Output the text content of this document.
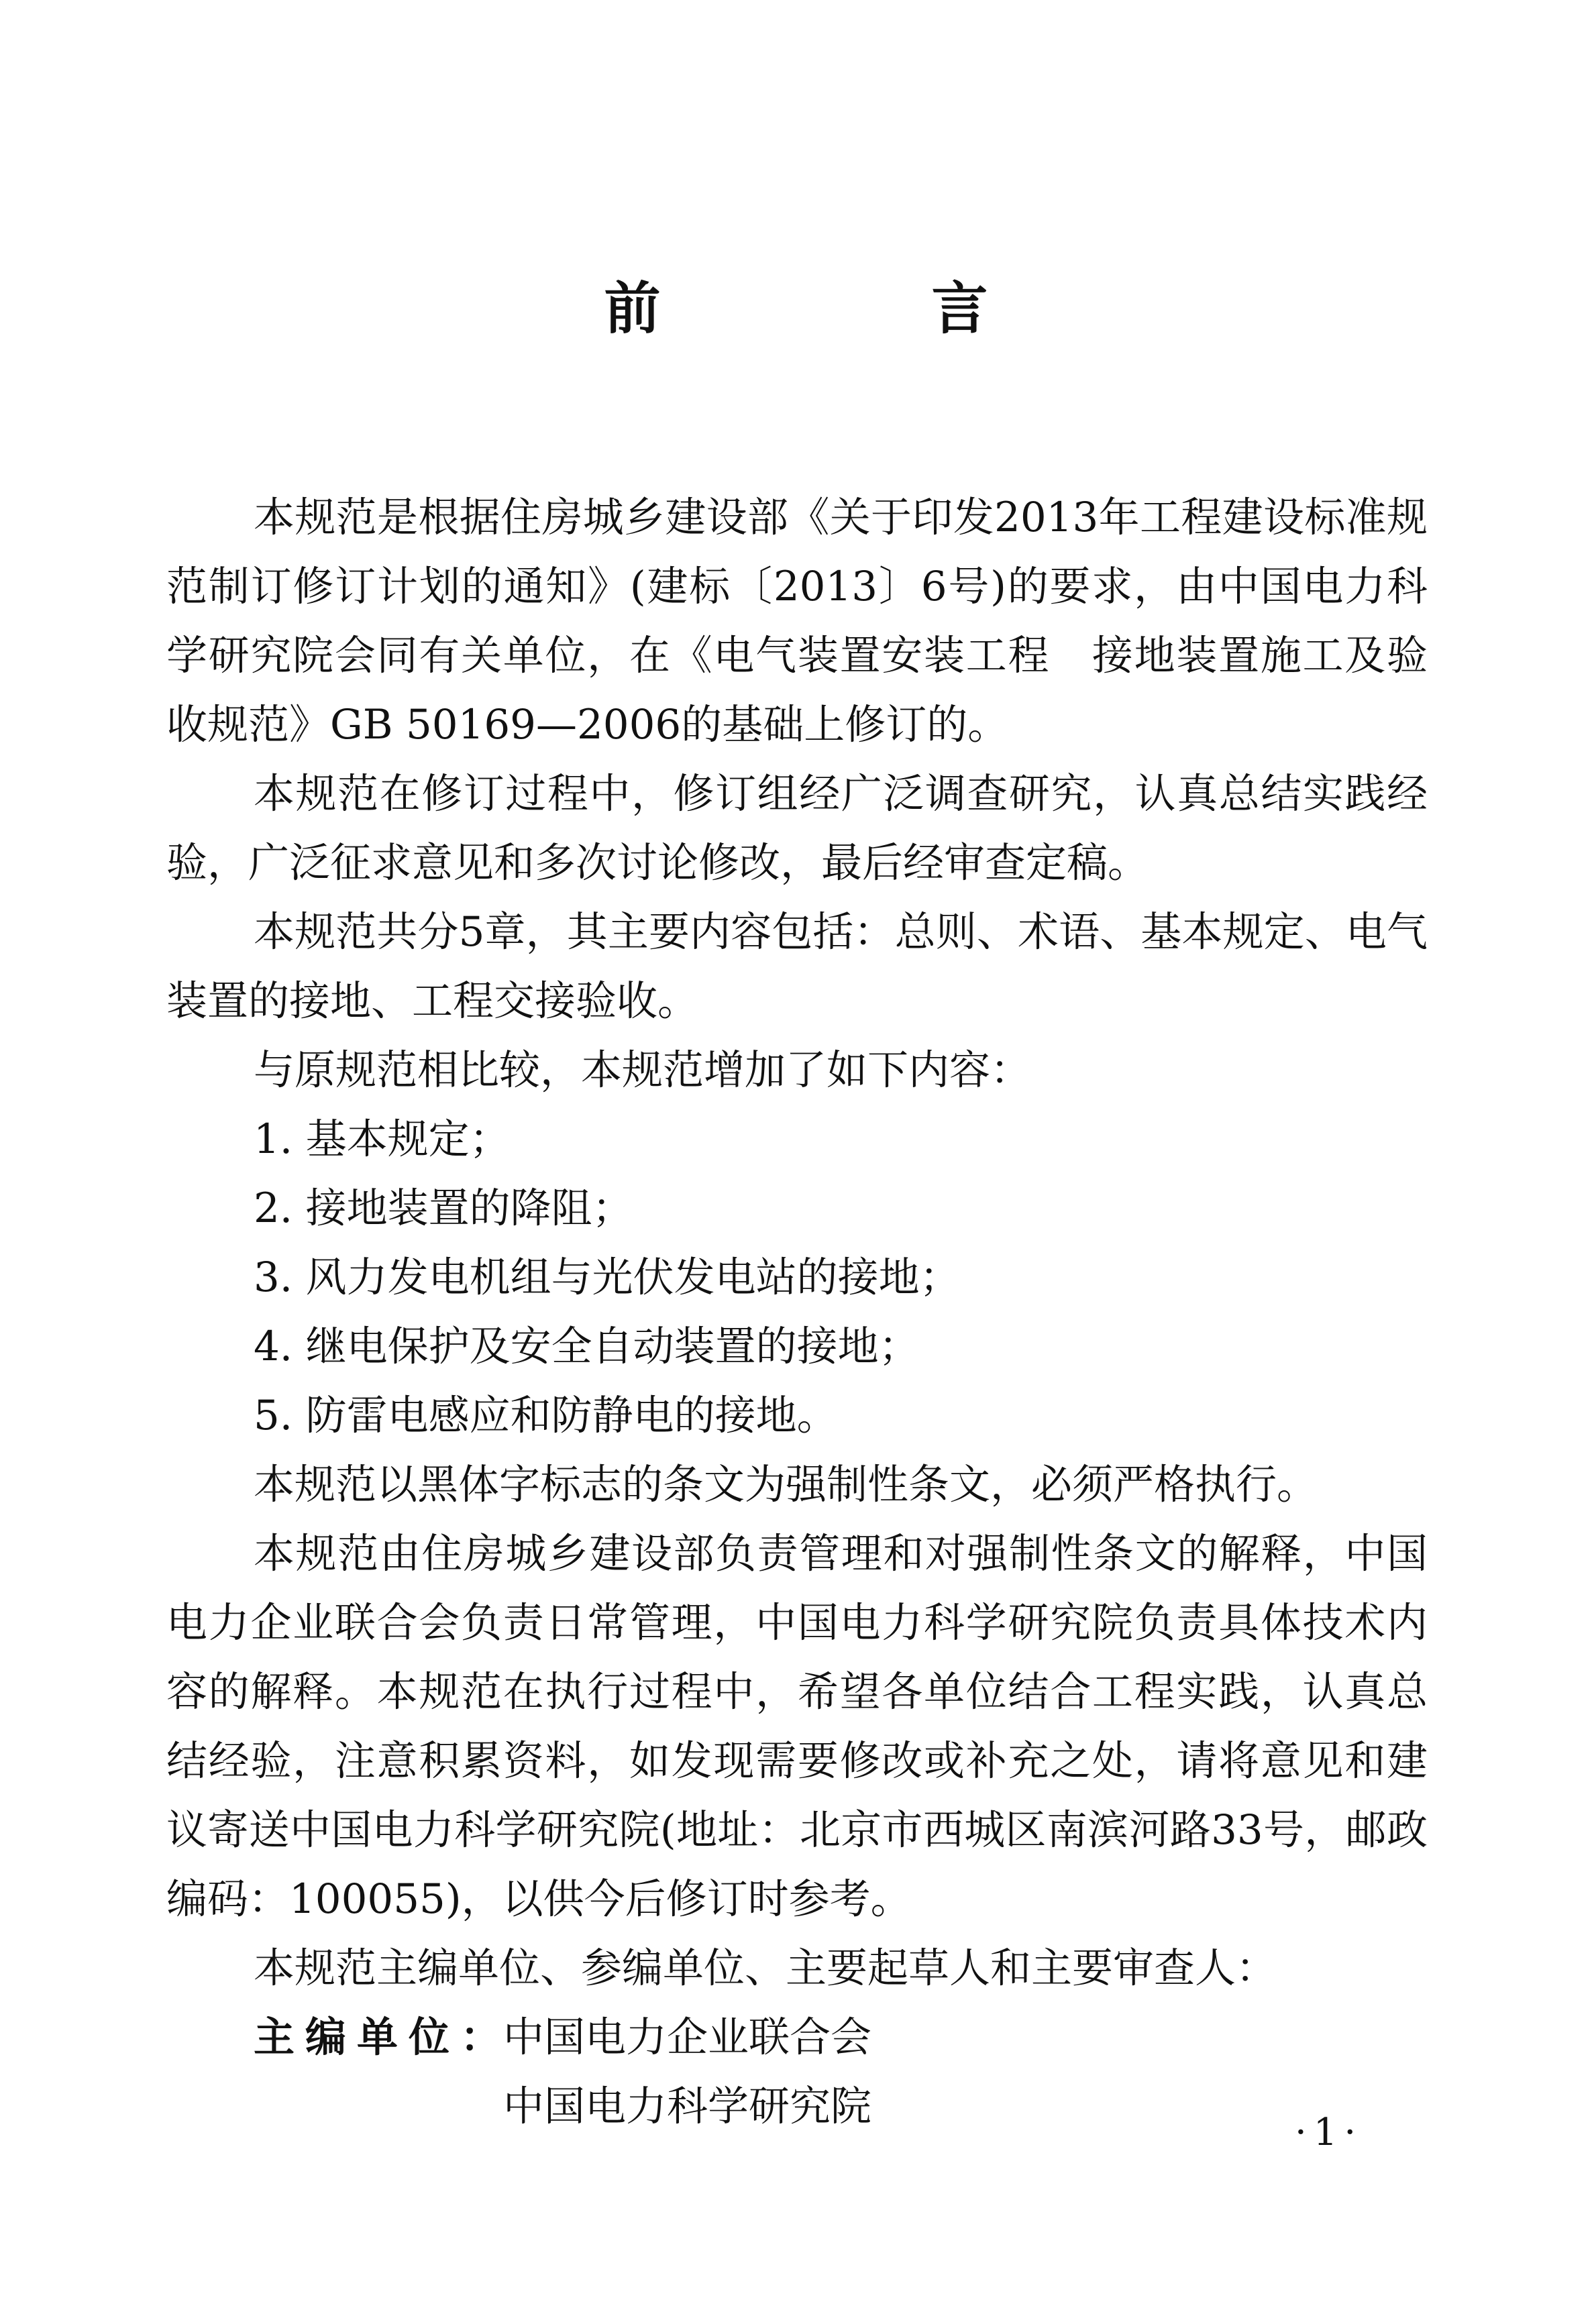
前　言

本规范是根据住房城乡建设部《关于印发2013年工程建设标准规范制订修订计划的通知》(建标〔2013〕6号)的要求，由中国电力科学研究院会同有关单位，在《电气装置安装工程　接地装置施工及验收规范》GB 50169—2006的基础上修订的。

本规范在修订过程中，修订组经广泛调查研究，认真总结实践经验，广泛征求意见和多次讨论修改，最后经审查定稿。

本规范共分5章，其主要内容包括：总则、术语、基本规定、电气装置的接地、工程交接验收。

与原规范相比较，本规范增加了如下内容：

1. 基本规定；

2. 接地装置的降阻；

3. 风力发电机组与光伏发电站的接地；

4. 继电保护及安全自动装置的接地；

5. 防雷电感应和防静电的接地。

本规范以黑体字标志的条文为强制性条文，必须严格执行。

本规范由住房城乡建设部负责管理和对强制性条文的解释，中国电力企业联合会负责日常管理，中国电力科学研究院负责具体技术内容的解释。本规范在执行过程中，希望各单位结合工程实践，认真总结经验，注意积累资料，如发现需要修改或补充之处，请将意见和建议寄送中国电力科学研究院(地址：北京市西城区南滨河路33号，邮政编码：100055)，以供今后修订时参考。

本规范主编单位、参编单位、主要起草人和主要审查人：

主编单位：中国电力企业联合会

中国电力科学研究院

·1·
